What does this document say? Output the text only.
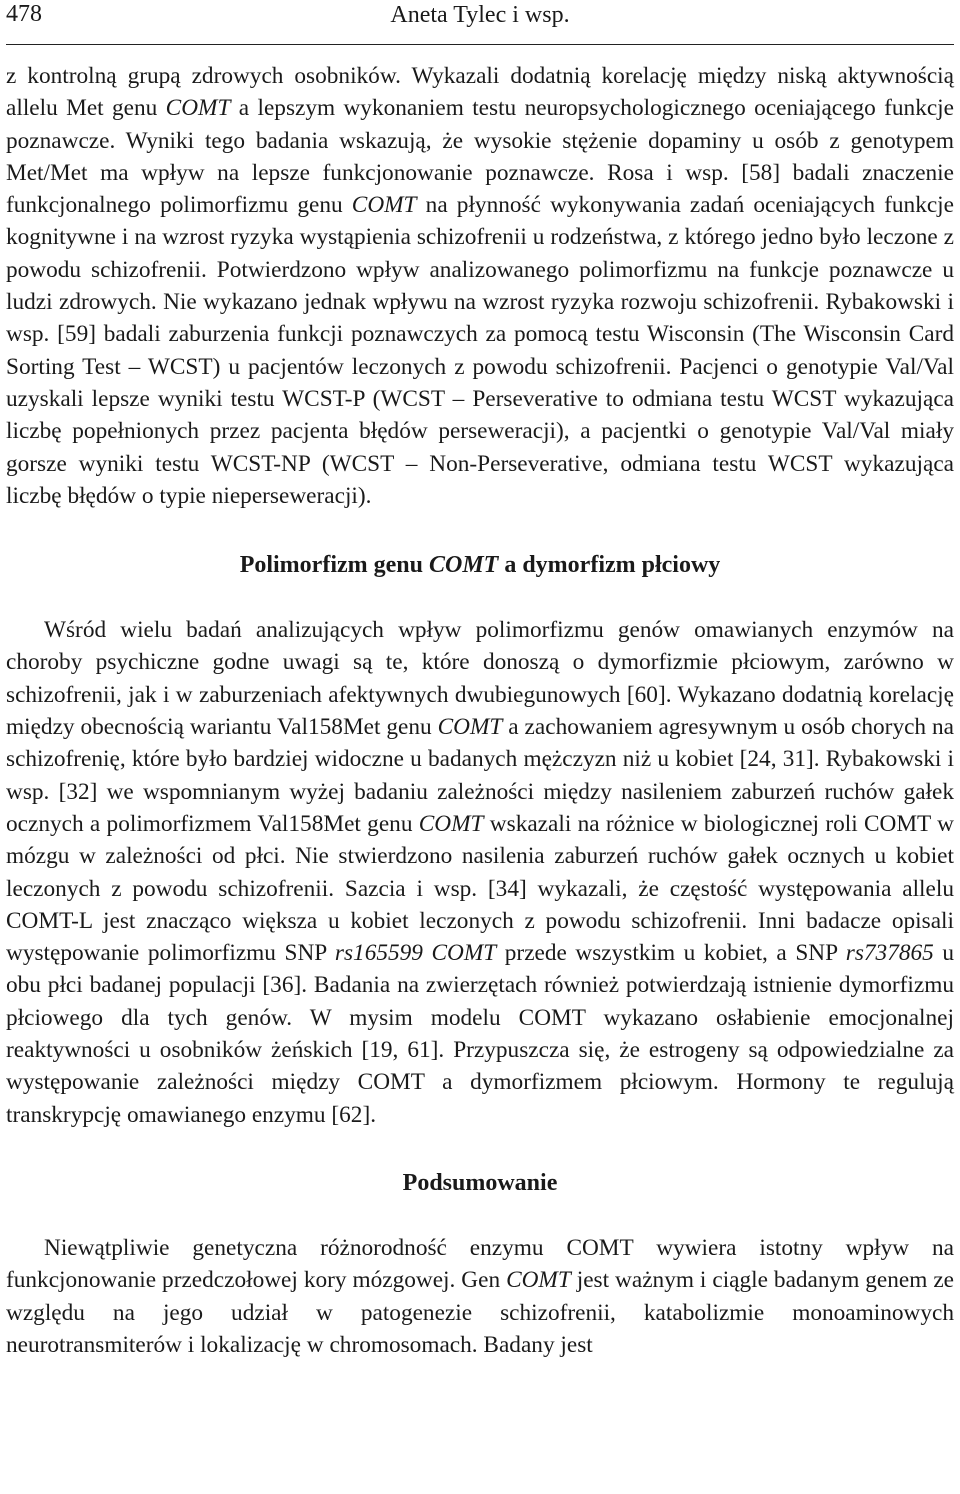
478	Aneta Tylec i wsp.

z kontrolną grupą zdrowych osobników. Wykazali dodatnią korelację między niską aktywnością allelu Met genu COMT a lepszym wykonaniem testu neuropsychologicznego oceniającego funkcje poznawcze. Wyniki tego badania wskazują, że wysokie stężenie dopaminy u osób z genotypem Met/Met ma wpływ na lepsze funkcjonowanie poznawcze. Rosa i wsp. [58] badali znaczenie funkcjonalnego polimorfizmu genu COMT na płynność wykonywania zadań oceniających funkcje kognitywne i na wzrost ryzyka wystąpienia schizofrenii u rodzeństwa, z którego jedno było leczone z powodu schizofrenii. Potwierdzono wpływ analizowanego polimorfizmu na funkcje poznawcze u ludzi zdrowych. Nie wykazano jednak wpływu na wzrost ryzyka rozwoju schizofrenii. Rybakowski i wsp. [59] badali zaburzenia funkcji poznawczych za pomocą testu Wisconsin (The Wisconsin Card Sorting Test – WCST) u pacjentów leczonych z powodu schizofrenii. Pacjenci o genotypie Val/Val uzyskali lepsze wyniki testu WCST-P (WCST – Perseverative to odmiana testu WCST wykazująca liczbę popełnionych przez pacjenta błędów perseweracji), a pacjentki o genotypie Val/Val miały gorsze wyniki testu WCST-NP (WCST – Non-Perseverative, odmiana testu WCST wykazująca liczbę błędów o typie nieperseweracji).

Polimorfizm genu COMT a dymorfizm płciowy

Wśród wielu badań analizujących wpływ polimorfizmu genów omawianych enzymów na choroby psychiczne godne uwagi są te, które donoszą o dymorfizmie płciowym, zarówno w schizofrenii, jak i w zaburzeniach afektywnych dwubiegunowych [60]. Wykazano dodatnią korelację między obecnością wariantu Val158Met genu COMT a zachowaniem agresywnym u osób chorych na schizofrenię, które było bardziej widoczne u badanych mężczyzn niż u kobiet [24, 31]. Rybakowski i wsp. [32] we wspomnianym wyżej badaniu zależności między nasileniem zaburzeń ruchów gałek ocznych a polimorfizmem Val158Met genu COMT wskazali na różnice w biologicznej roli COMT w mózgu w zależności od płci. Nie stwierdzono nasilenia zaburzeń ruchów gałek ocznych u kobiet leczonych z powodu schizofrenii. Sazcia i wsp. [34] wykazali, że częstość występowania allelu COMT-L jest znacząco większa u kobiet leczonych z powodu schizofrenii. Inni badacze opisali występowanie polimorfizmu SNP rs165599 COMT przede wszystkim u kobiet, a SNP rs737865 u obu płci badanej populacji [36]. Badania na zwierzętach również potwierdzają istnienie dymorfizmu płciowego dla tych genów. W mysim modelu COMT wykazano osłabienie emocjonalnej reaktywności u osobników żeńskich [19, 61]. Przypuszcza się, że estrogeny są odpowiedzialne za występowanie zależności między COMT a dymorfizmem płciowym. Hormony te regulują transkrypcję omawianego enzymu [62].

Podsumowanie

Niewątpliwie genetyczna różnorodność enzymu COMT wywiera istotny wpływ na funkcjonowanie przedczołowej kory mózgowej. Gen COMT jest ważnym i ciągle badanym genem ze względu na jego udział w patogenezie schizofrenii, katabolizmie monoaminowych neurotransmiterów i lokalizację w chromosomach. Badany jest
